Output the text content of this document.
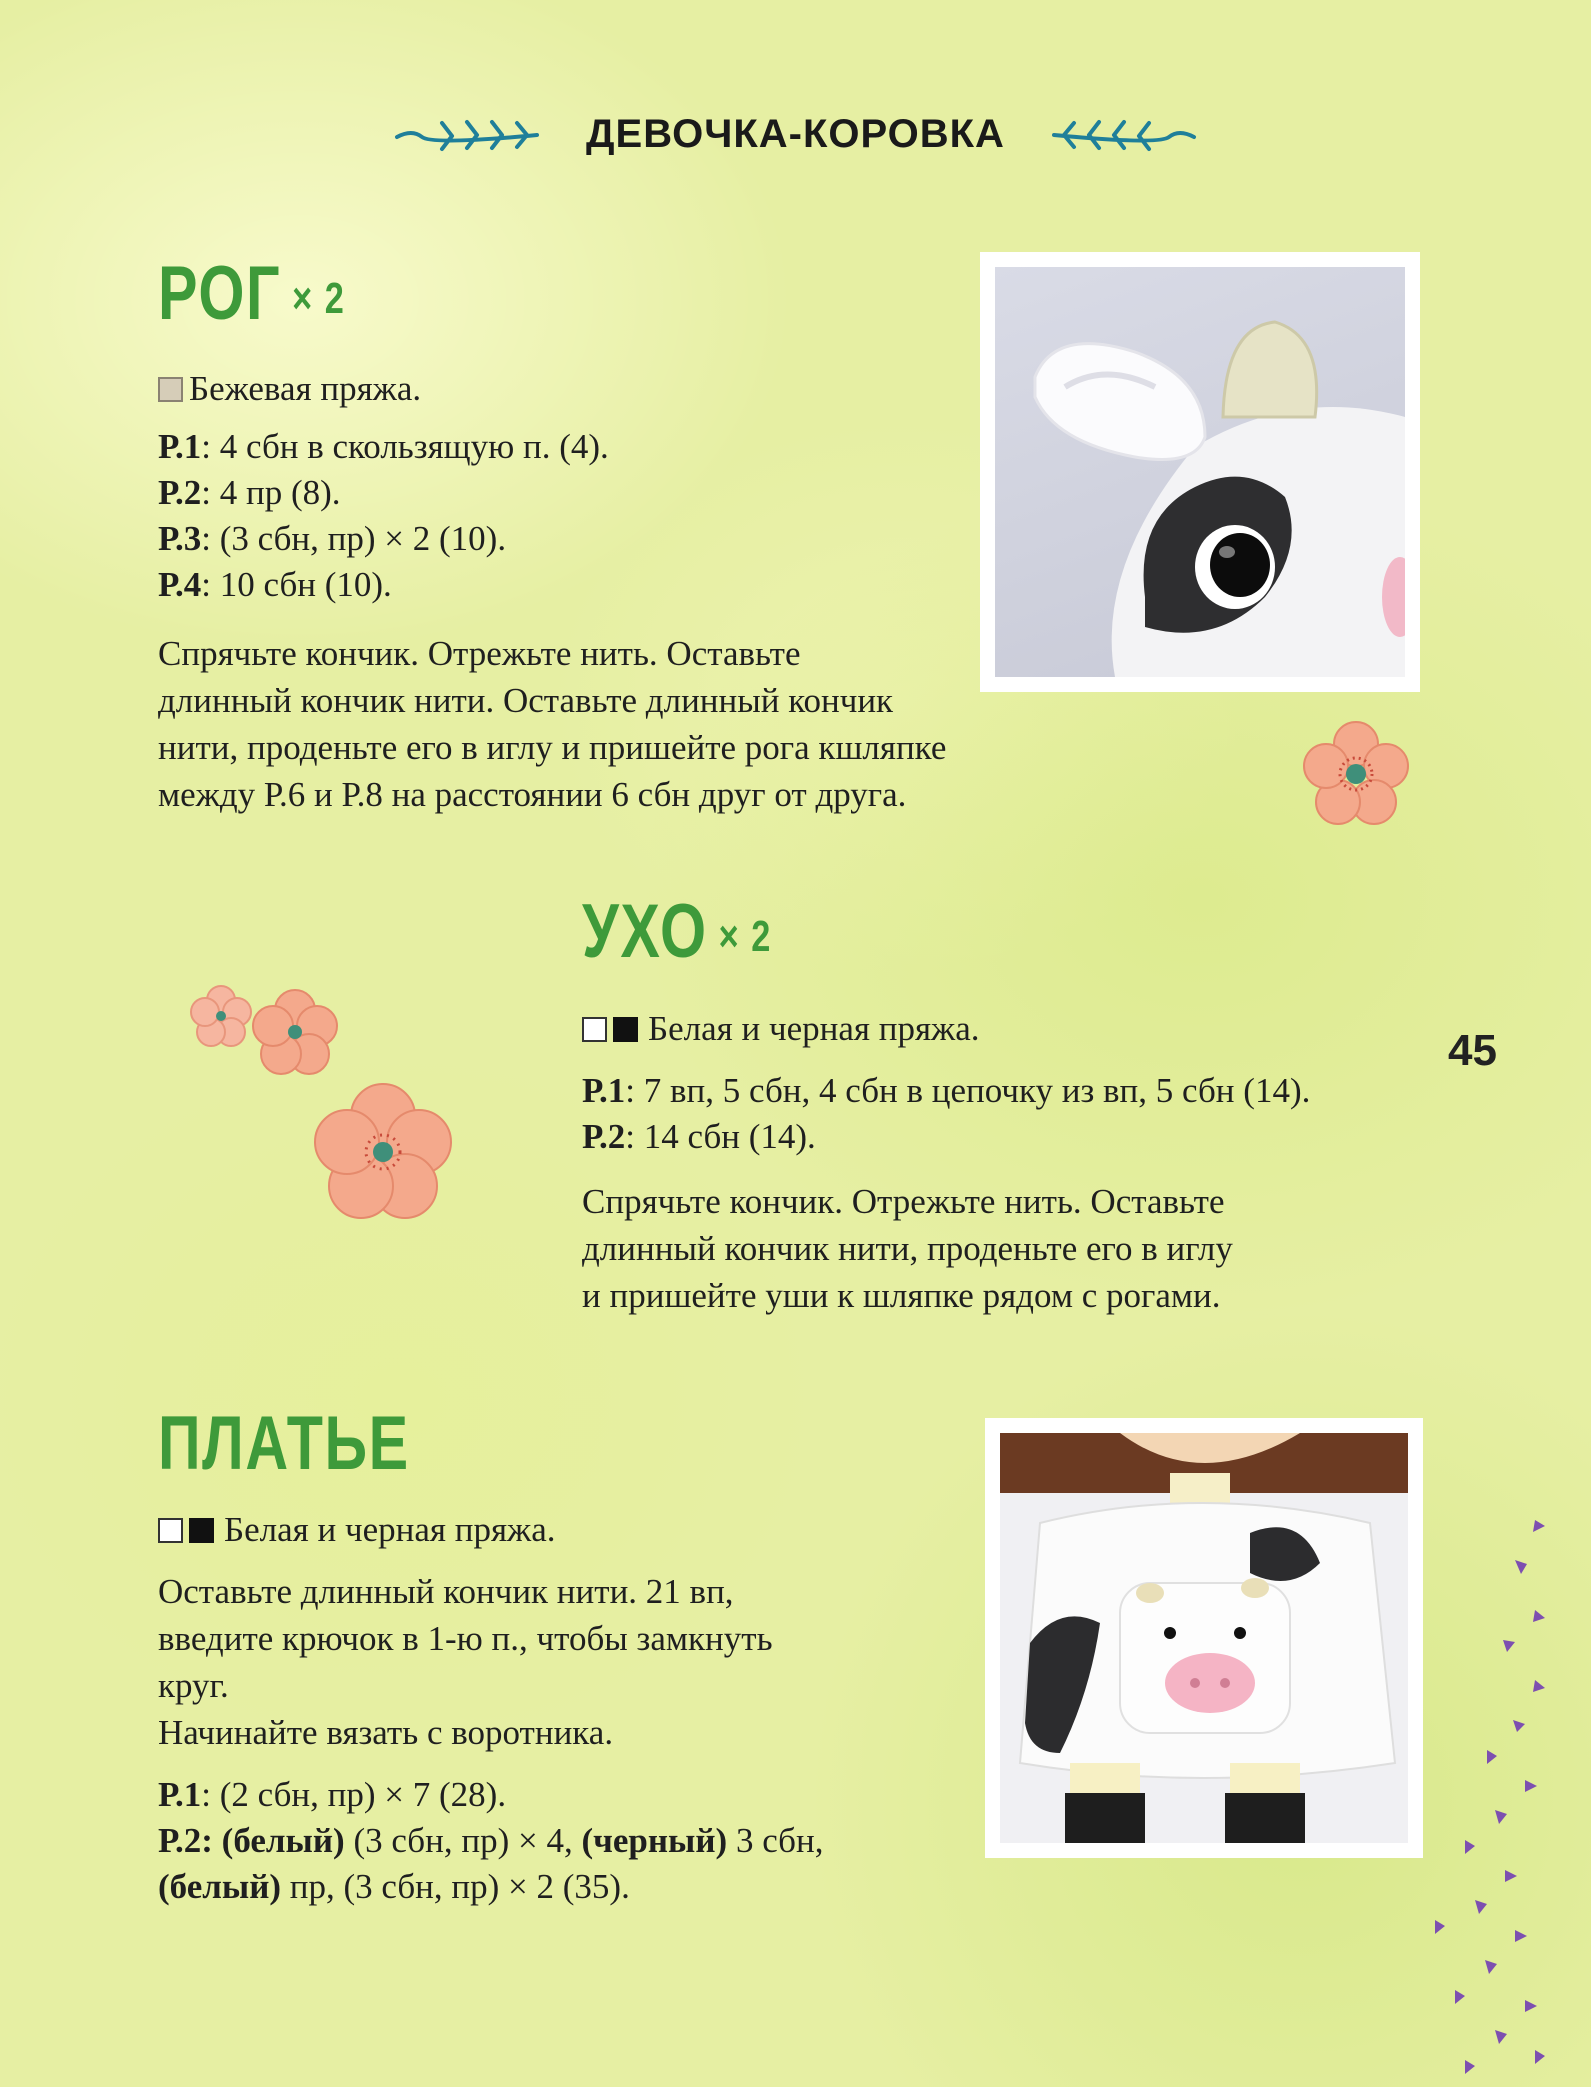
ДЕВОЧКА-КОРОВКА
РОГ × 2
Бежевая пряжа.
Р.1: 4 сбн в скользящую п. (4).
Р.2: 4 пр (8).
Р.3: (3 сбн, пр) × 2 (10).
Р.4: 10 сбн (10).
Спрячьте кончик. Отрежьте нить. Оставьте
длинный кончик нити. Оставьте длинный кончик
нити, проденьте его в иглу и пришейте рога кшляпке
между Р.6 и Р.8 на расстоянии 6 сбн друг от друга.
УХО × 2
Белая и черная пряжа.
Р.1: 7 вп, 5 сбн, 4 сбн в цепочку из вп, 5 сбн (14).
Р.2: 14 сбн (14).
Спрячьте кончик. Отрежьте нить. Оставьте
длинный кончик нити, проденьте его в иглу
и пришейте уши к шляпке рядом с рогами.
45
ПЛАТЬЕ
Белая и черная пряжа.
Оставьте длинный кончик нити. 21 вп,
введите крючок в 1-ю п., чтобы замкнуть
круг.
Начинайте вязать с воротника.
Р.1: (2 сбн, пр) × 7 (28).
Р.2: (белый) (3 сбн, пр) × 4, (черный) 3 сбн,
(белый) пр, (3 сбн, пр) × 2 (35).
